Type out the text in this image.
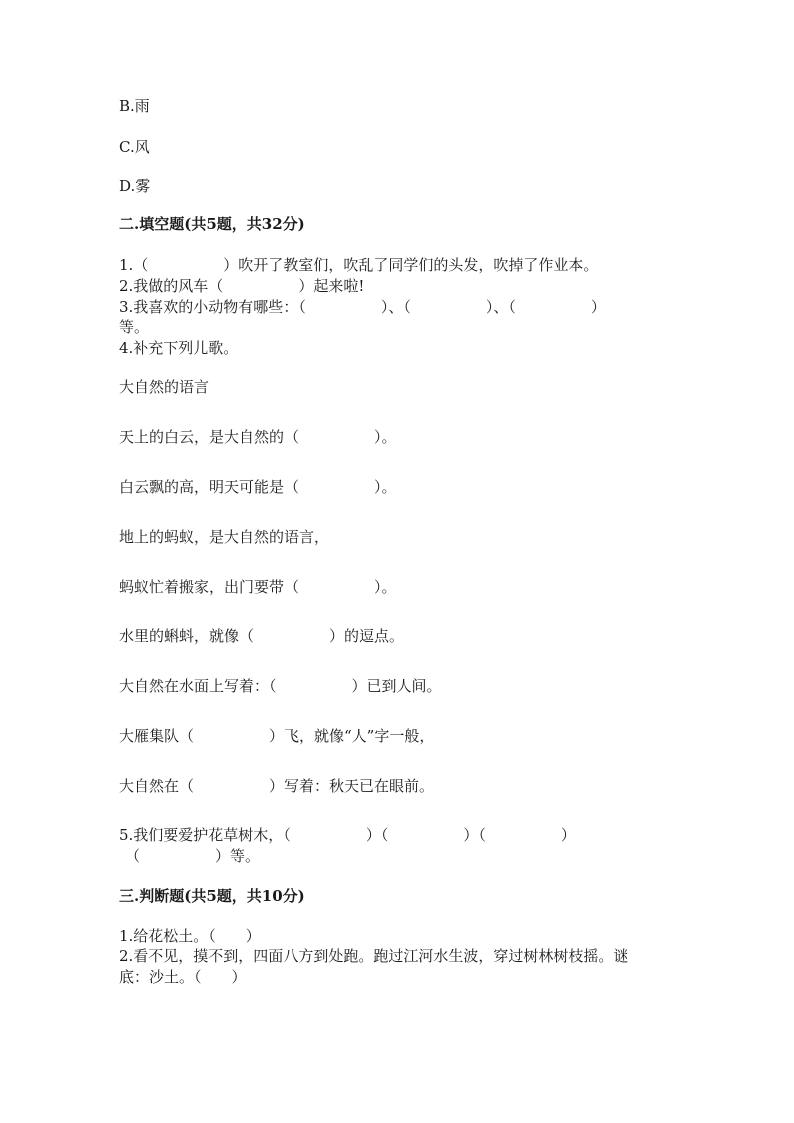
B.雨
C.风
D.雾
二.填空题(共5题，共32分)
1.（　　　　　）吹开了教室们，吹乱了同学们的头发，吹掉了作业本。
2.我做的风车（　　　　　）起来啦!
3.我喜欢的小动物有哪些：（　　　　　）、（　　　　　）、（　　　　　）
等。
4.补充下列儿歌。
大自然的语言
天上的白云，是大自然的（　　　　　）。
白云飘的高，明天可能是（　　　　　）。
地上的蚂蚁，是大自然的语言，
蚂蚁忙着搬家，出门要带（　　　　　）。
水里的蝌蚪，就像（　　　　　）的逗点。
大自然在水面上写着：（　　　　　）已到人间。
大雁集队（　　　　　）飞，就像“人”字一般，
大自然在（　　　　　）写着：秋天已在眼前。
5.我们要爱护花草树木，（　　　　　）（　　　　　）（　　　　　）
（　　　　　）等。
三.判断题(共5题，共10分)
1.给花松土。（　　）
2.看不见，摸不到，四面八方到处跑。跑过江河水生波，穿过树林树枝摇。谜
底：沙土。（　　）
